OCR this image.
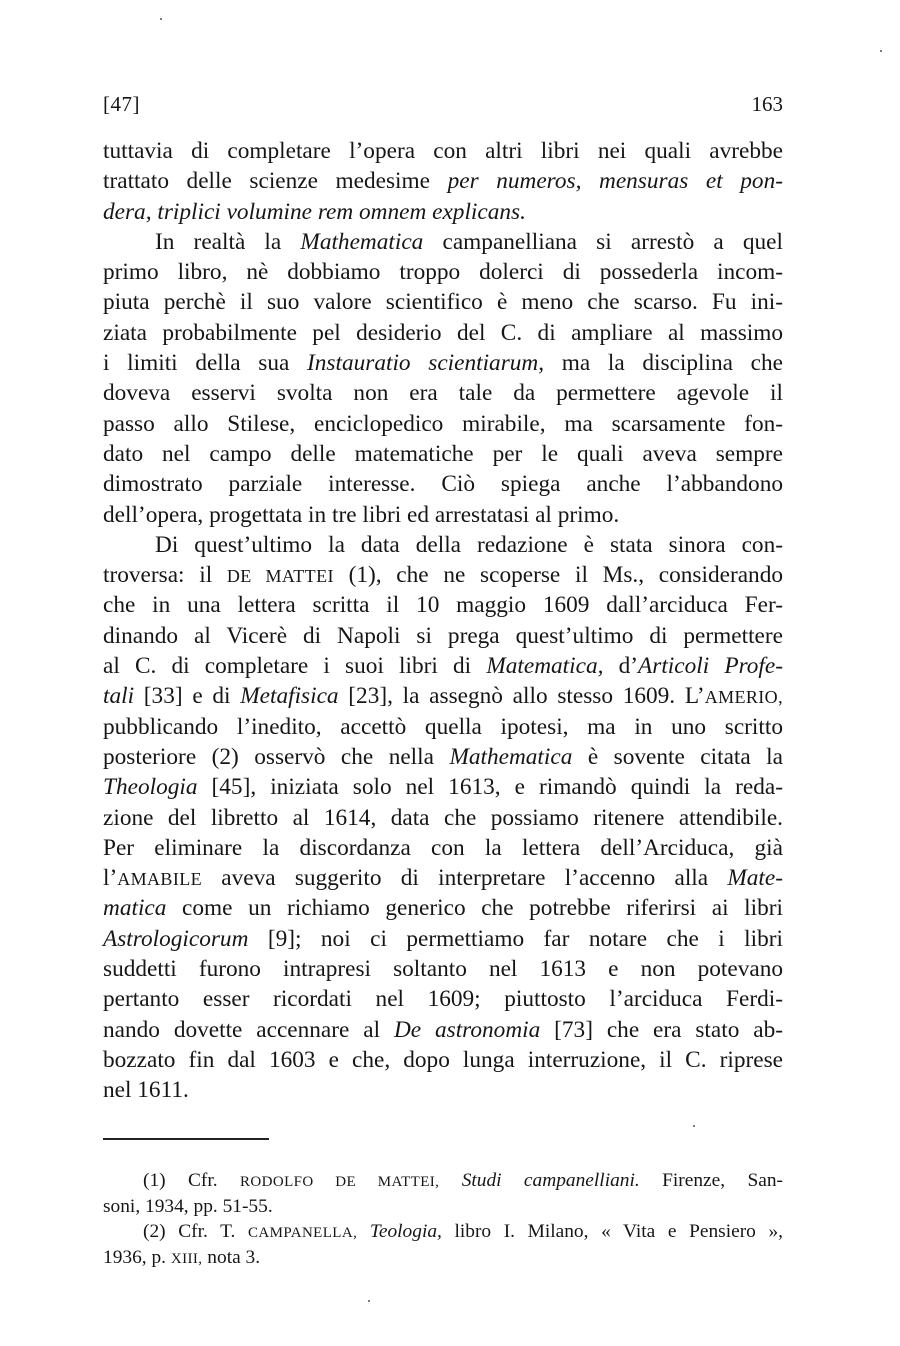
[47]	163
tuttavia di completare l’opera con altri libri nei quali avrebbe
trattato delle scienze medesime per numeros, mensuras et pon-
dera, triplici volumine rem omnem explicans.
In realtà la Mathematica campanelliana si arrestò a quel
primo libro, nè dobbiamo troppo dolerci di possederla incom-
piuta perchè il suo valore scientifico è meno che scarso. Fu ini-
ziata probabilmente pel desiderio del C. di ampliare al massimo
i limiti della sua Instauratio scientiarum, ma la disciplina che
doveva esservi svolta non era tale da permettere agevole il
passo allo Stilese, enciclopedico mirabile, ma scarsamente fon-
dato nel campo delle matematiche per le quali aveva sempre
dimostrato parziale interesse. Ciò spiega anche l’abbandono
dell’opera, progettata in tre libri ed arrestatasi al primo.
Di quest’ultimo la data della redazione è stata sinora con-
troversa: il DE MATTEI (1), che ne scoperse il Ms., considerando
che in una lettera scritta il 10 maggio 1609 dall’arciduca Fer-
dinando al Vicerè di Napoli si prega quest’ultimo di permettere
al C. di completare i suoi libri di Matematica, d’Articoli Profe-
tali [33] e di Metafisica [23], la assegnò allo stesso 1609. L’AMERIO,
pubblicando l’inedito, accettò quella ipotesi, ma in uno scritto
posteriore (2) osservò che nella Mathematica è sovente citata la
Theologia [45], iniziata solo nel 1613, e rimandò quindi la reda-
zione del libretto al 1614, data che possiamo ritenere attendibile.
Per eliminare la discordanza con la lettera dell’Arciduca, già
l’AMABILE aveva suggerito di interpretare l’accenno alla Mate-
matica come un richiamo generico che potrebbe riferirsi ai libri
Astrologicorum [9]; noi ci permettiamo far notare che i libri
suddetti furono intrapresi soltanto nel 1613 e non potevano
pertanto esser ricordati nel 1609; piuttosto l’arciduca Ferdi-
nando dovette accennare al De astronomia [73] che era stato ab-
bozzato fin dal 1603 e che, dopo lunga interruzione, il C. riprese
nel 1611.
(1) Cfr. RODOLFO DE MATTEI, Studi campanelliani. Firenze, San-
soni, 1934, pp. 51-55.
(2) Cfr. T. CAMPANELLA, Teologia, libro I. Milano, « Vita e Pensiero »,
1936, p. XIII, nota 3.
